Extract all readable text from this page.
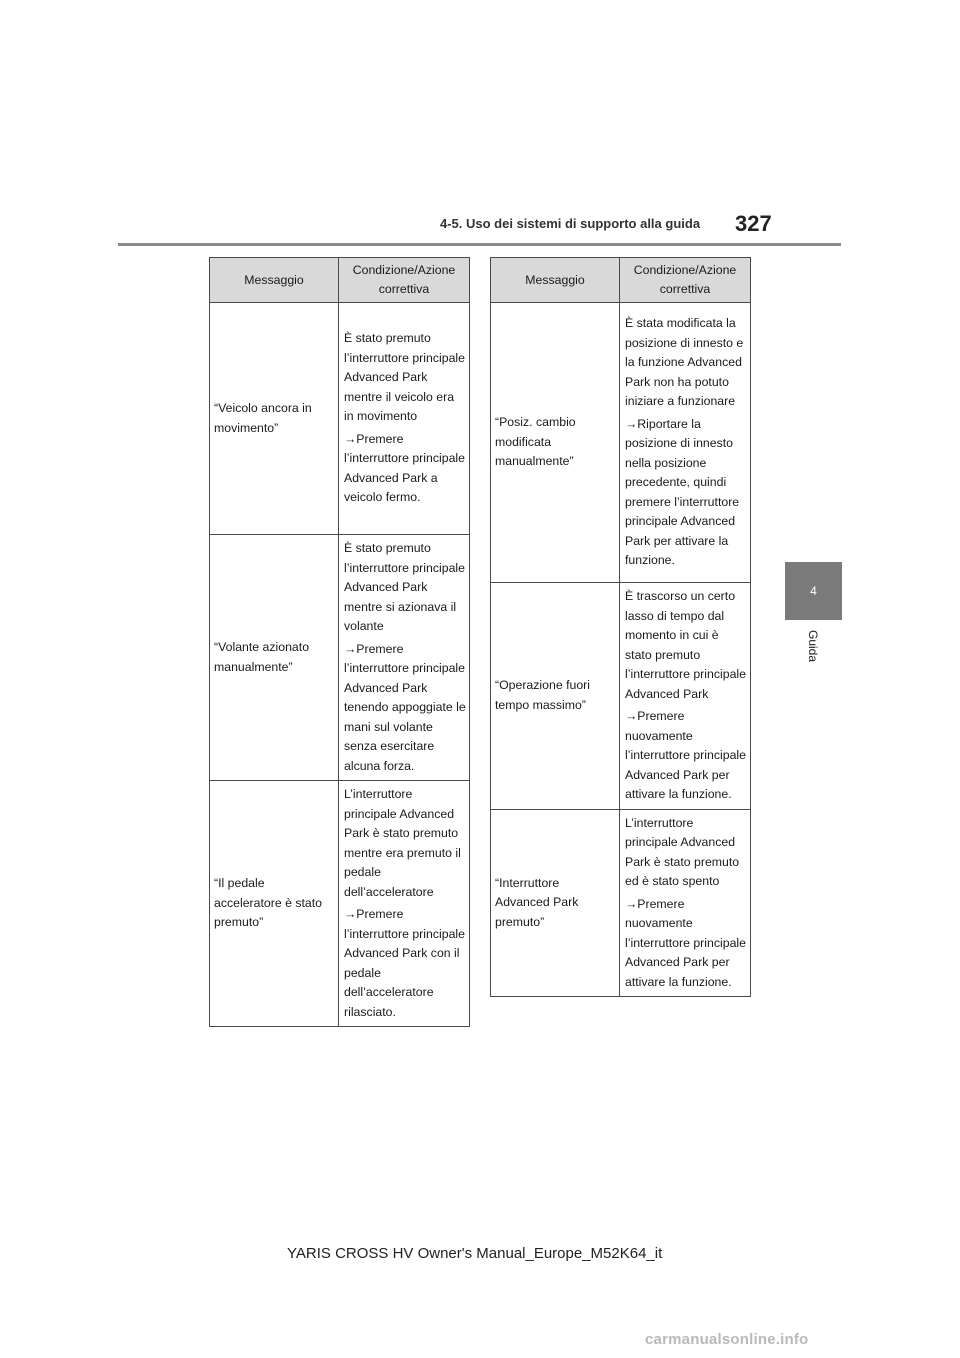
4-5. Uso dei sistemi di supporto alla guida	327
4
Guida
Messaggio	Condizione/Azione correttiva

“Veicolo ancora in movimento”	È stato premuto l’interruttore principale Advanced Park mentre il veicolo era in movimento

→Premere l’interruttore principale Advanced Park a veicolo fermo.

“Volante azionato manualmente”	È stato premuto l’interruttore principale Advanced Park mentre si azionava il volante

→Premere l’interruttore principale Advanced Park tenendo appoggiate le mani sul volante senza esercitare alcuna forza.

“Il pedale acceleratore è stato premuto”	L’interruttore principale Advanced Park è stato premuto mentre era premuto il pedale dell’acceleratore

→Premere l’interruttore principale Advanced Park con il pedale dell’acceleratore rilasciato.

Messaggio	Condizione/Azione correttiva

“Posiz. cambio modificata manualmente”	È stata modificata la posizione di innesto e la funzione Advanced Park non ha potuto iniziare a funzionare

→Riportare la posizione di innesto nella posizione precedente, quindi premere l’interruttore principale Advanced Park per attivare la funzione.

“Operazione fuori tempo massimo”	È trascorso un certo lasso di tempo dal momento in cui è stato premuto l’interruttore principale Advanced Park

→Premere nuovamente l’interruttore principale Advanced Park per attivare la funzione.

“Interruttore Advanced Park premuto”	L’interruttore principale Advanced Park è stato premuto ed è stato spento

→Premere nuovamente l’interruttore principale Advanced Park per attivare la funzione.

YARIS CROSS HV Owner's Manual_Europe_M52K64_it
carmanualsonline.info
